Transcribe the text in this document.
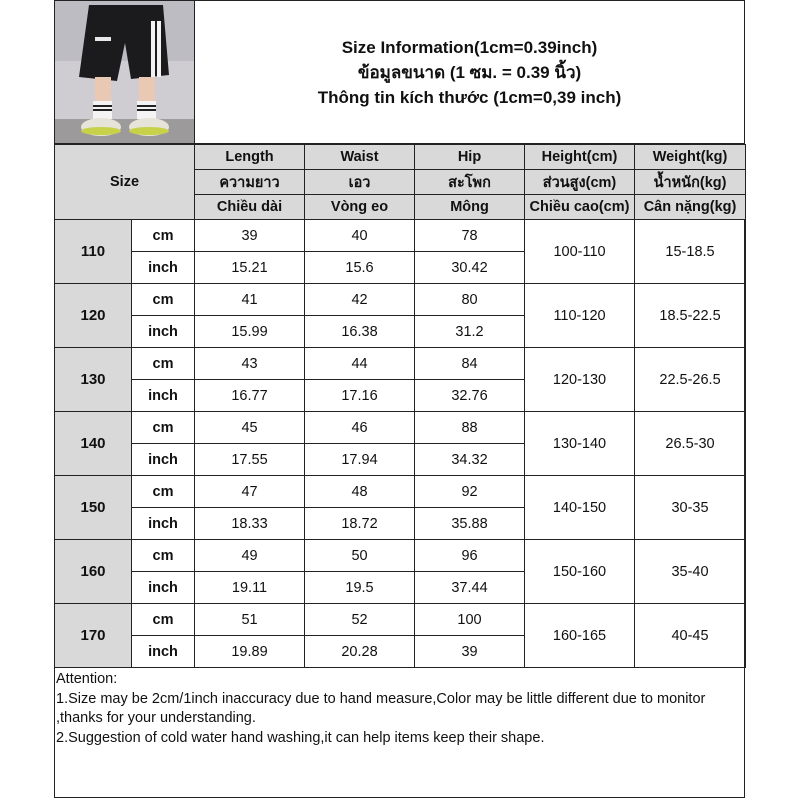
Size Information(1cm=0.39inch)
ข้อมูลขนาด (1 ซม. = 0.39 นิ้ว)
Thông tin kích thước (1cm=0,39 inch)
Size		Length	Waist	Hip	Height(cm)	Weight(kg)
		ความยาว	เอว	สะโพก	ส่วนสูง(cm)	น้ำหนัก(kg)
		Chiều dài	Vòng eo	Mông	Chiều cao(cm)	Cân nặng(kg)
110	cm	39	40	78	100-110	15-18.5
	inch	15.21	15.6	30.42		
120	cm	41	42	80	110-120	18.5-22.5
	inch	15.99	16.38	31.2		
130	cm	43	44	84	120-130	22.5-26.5
	inch	16.77	17.16	32.76		
140	cm	45	46	88	130-140	26.5-30
	inch	17.55	17.94	34.32		
150	cm	47	48	92	140-150	30-35
	inch	18.33	18.72	35.88		
160	cm	49	50	96	150-160	35-40
	inch	19.11	19.5	37.44		
170	cm	51	52	100	160-165	40-45
	inch	19.89	20.28	39		
Attention:
1.Size may be 2cm/1inch inaccuracy due to hand measure,Color may be little different due to monitor
,thanks for your understanding.
2.Suggestion of cold water hand washing,it can help items keep their shape.
